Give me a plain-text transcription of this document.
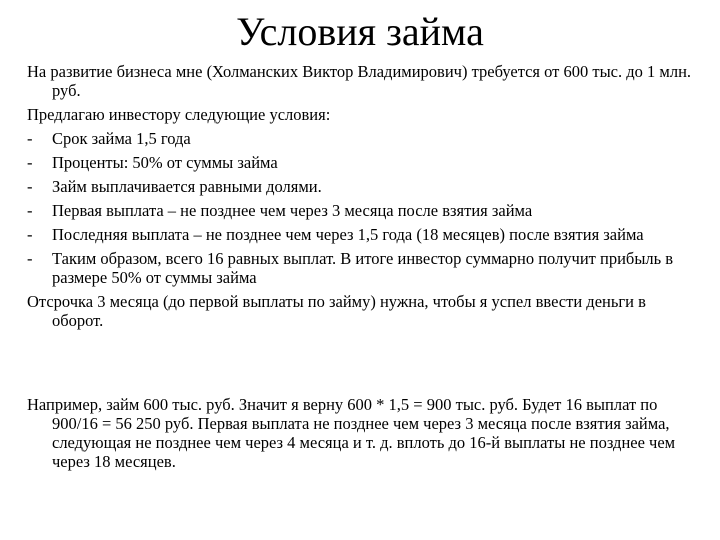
Условия займа

На развитие бизнеса мне (Холманских Виктор Владимирович) требуется от 600 тыс. до 1 млн. руб.

Предлагаю инвестору следующие условия:

-	Срок займа 1,5 года
-	Проценты: 50% от суммы займа
-	Займ выплачивается равными долями.
-	Первая выплата – не позднее чем через 3 месяца после взятия займа
-	Последняя выплата – не позднее чем через 1,5 года (18 месяцев) после взятия займа
-	Таким образом, всего 16 равных выплат. В итоге инвестор суммарно получит прибыль в размере 50% от суммы займа

Отсрочка 3 месяца (до первой выплаты по займу) нужна, чтобы я успел ввести деньги в оборот.

Например, займ 600 тыс. руб. Значит я верну 600 * 1,5 = 900 тыс. руб. Будет 16 выплат по 900/16 = 56 250 руб. Первая выплата не позднее чем через 3 месяца после взятия займа, следующая не позднее чем через 4 месяца и т. д. вплоть до 16-й выплаты не позднее чем через 18 месяцев.
